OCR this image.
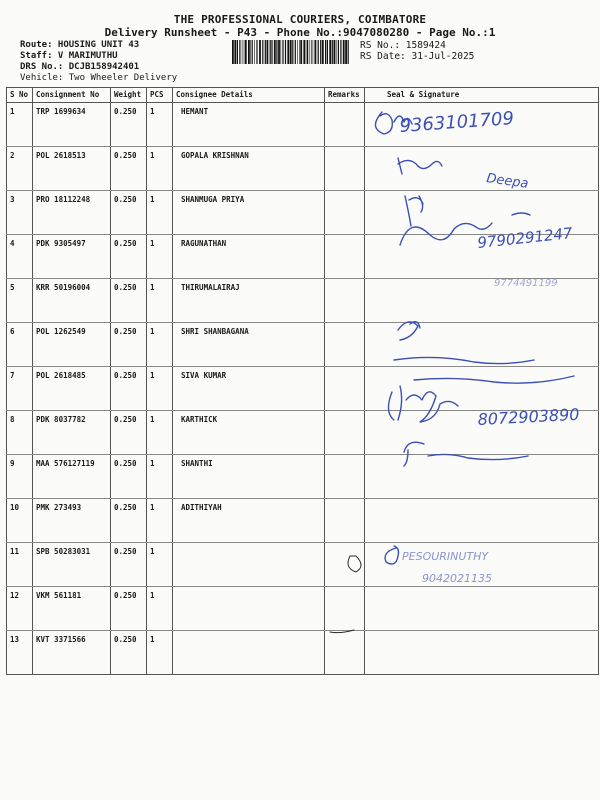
THE PROFESSIONAL COURIERS, COIMBATORE
Delivery Runsheet - P43 - Phone No.:9047080280 - Page No.:1
Route: HOUSING UNIT 43
Staff: V MARIMUTHU
DRS No.: DCJB158942401
RS No.: 1589424
RS Date: 31-Jul-2025
Vehicle: Two Wheeler Delivery
S No	Consignment No	Weight	PCS	Consignee Details	Remarks	Seal & Signature
1	TRP 1699634	0.250	1	HEMANT		
2	POL 2618513	0.250	1	GOPALA KRISHNAN		
3	PRO 18112248	0.250	1	SHANMUGA PRIYA		
4	PDK 9305497	0.250	1	RAGUNATHAN		
5	KRR 50196004	0.250	1	THIRUMALAIRAJ		
6	POL 1262549	0.250	1	SHRI SHANBAGANA		
7	POL 2618485	0.250	1	SIVA KUMAR		
8	PDK 8037782	0.250	1	KARTHICK		
9	MAA 576127119	0.250	1	SHANTHI		
10	PMK 273493	0.250	1	ADITHIYAH		
11	SPB 50283031	0.250	1			
12	VKM 561181	0.250	1			
13	KVT 3371566	0.250	1			
9363101709
Deepa
9790291247
9774491199
8072903890
PESOURINUTHY
9042021135
